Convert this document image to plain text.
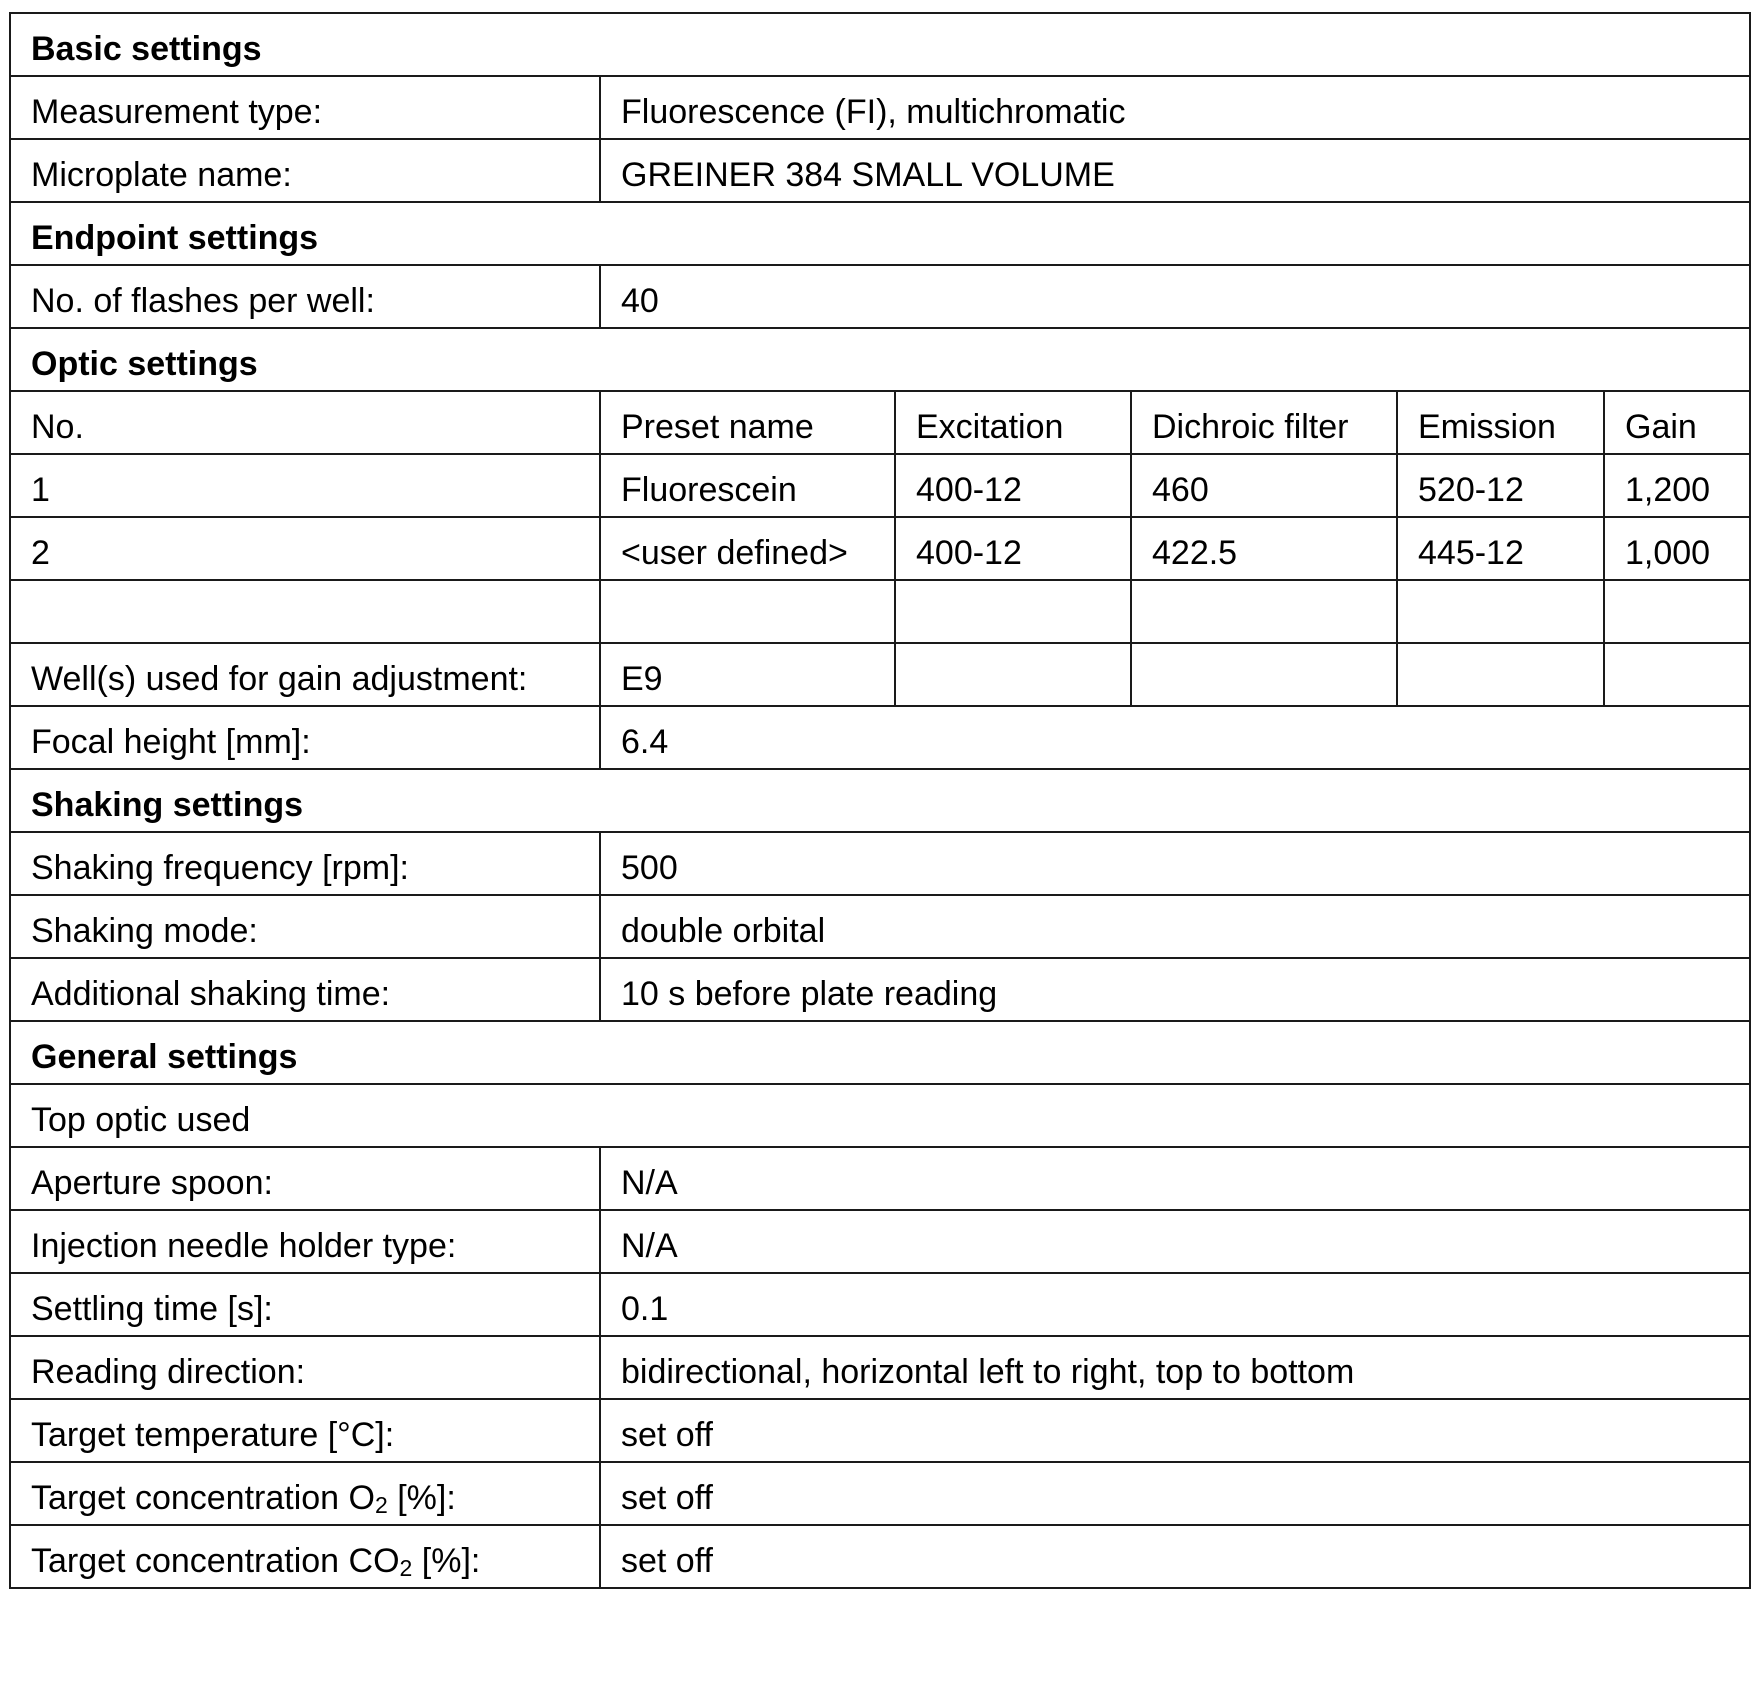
Basic settings					
Measurement type:	Fluorescence (FI), multichromatic				
Microplate name:	GREINER 384 SMALL VOLUME				
Endpoint settings					
No. of flashes per well:	40				
Optic settings					
No.	Preset name	Excitation	Dichroic filter	Emission	Gain
1	Fluorescein	400-12	460	520-12	1,200
2	<user defined>	400-12	422.5	445-12	1,000

Well(s) used for gain adjustment:	E9				
Focal height [mm]:	6.4				
Shaking settings					
Shaking frequency [rpm]:	500				
Shaking mode:	double orbital				
Additional shaking time:	10 s before plate reading				
General settings					
Top optic used					
Aperture spoon:	N/A				
Injection needle holder type:	N/A				
Settling time [s]:	0.1				
Reading direction:	bidirectional, horizontal left to right, top to bottom				
Target temperature [°C]:	set off				
Target concentration $O_2$ [%]:	set off				
Target concentration $CO_2$ [%]:	set off				
